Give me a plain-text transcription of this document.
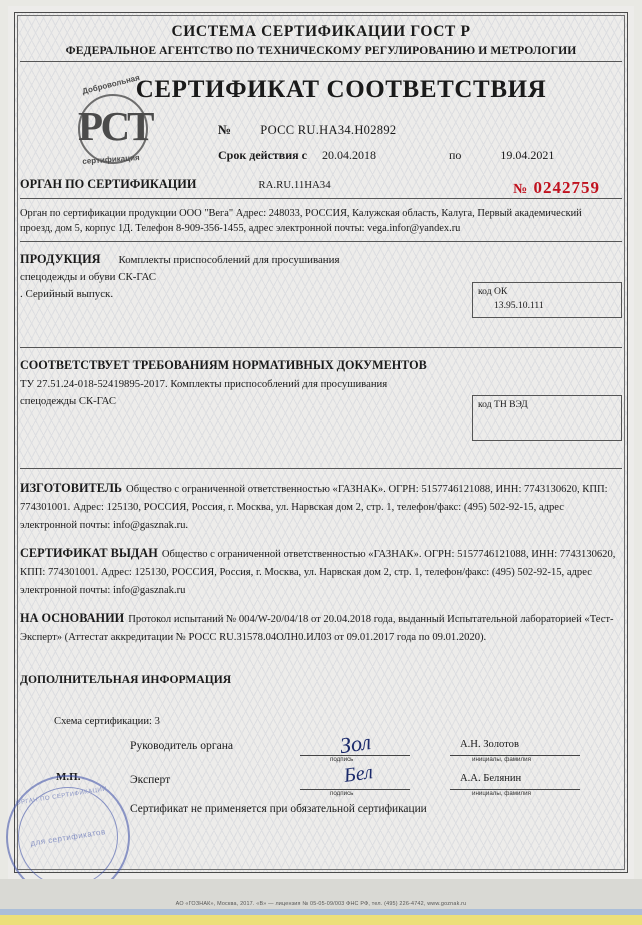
СИСТЕМА СЕРТИФИКАЦИИ ГОСТ Р
ФЕДЕРАЛЬНОЕ АГЕНТСТВО ПО ТЕХНИЧЕСКОМУ РЕГУЛИРОВАНИЮ И МЕТРОЛОГИИ
Добровольная
РСТ
сертификация
СЕРТИФИКАТ СООТВЕТСТВИЯ
№ РОСС RU.НА34.Н02892
Срок действия с 20.04.2018	по	19.04.2021
№ 0242759
ОРГАН ПО СЕРТИФИКАЦИИ	RA.RU.11НА34
Орган по сертификации продукции ООО "Вега" Адрес: 248033, РОССИЯ, Калужская область, Калуга, Первый академический проезд, дом 5, корпус 1Д. Телефон 8-909-356-1455, адрес электронной почты: vega.infor@yandex.ru
ПРОДУКЦИЯ Комплекты приспособлений для просушивания
спецодежды и обуви СК-ГАС
. Серийный выпуск.	код ОК
13.95.10.111
СООТВЕТСТВУЕТ ТРЕБОВАНИЯМ НОРМАТИВНЫХ ДОКУМЕНТОВ
ТУ 27.51.24-018-52419895-2017. Комплекты приспособлений для просушивания
спецодежды СК-ГАС	код ТН ВЭД
ИЗГОТОВИТЕЛЬ Общество с ограниченной ответственностью «ГАЗНАК». ОГРН: 5157746121088, ИНН: 7743130620, КПП: 774301001. Адрес: 125130, РОССИЯ, Россия, г. Москва, ул. Нарвская дом 2, стр. 1, телефон/факс: (495) 502-92-15, адрес электронной почты: info@gasznak.ru.
СЕРТИФИКАТ ВЫДАН Общество с ограниченной ответственностью «ГАЗНАК». ОГРН: 5157746121088, ИНН: 7743130620, КПП: 774301001. Адрес: 125130, РОССИЯ, Россия, г. Москва, ул. Нарвская дом 2, стр. 1, телефон/факс: (495) 502-92-15, адрес электронной почты: info@gasznak.ru
НА ОСНОВАНИИ Протокол испытаний № 004/W-20/04/18 от 20.04.2018 года, выданный Испытательной лабораторией «Тест-Эксперт» (Аттестат аккредитации № РОСС RU.31578.04ОЛН0.ИЛ03 от 09.01.2017 года по 09.01.2020).
ДОПОЛНИТЕЛЬНАЯ ИНФОРМАЦИЯ
Схема сертификации: 3
М.П.
Руководитель органа	Зол
подпись
А.Н. Золотов
инициалы, фамилия
Эксперт	Бел
подпись
А.А. Белянин
инициалы, фамилия
Сертификат не применяется при обязательной сертификации
ОРГАН ПО СЕРТИФИКАЦИИ
для сертификатов
АО «ГОЗНАК», Москва, 2017. «В» — лицензия № 05-05-09/003 ФНС РФ, тел. (495) 226-4742, www.goznak.ru
